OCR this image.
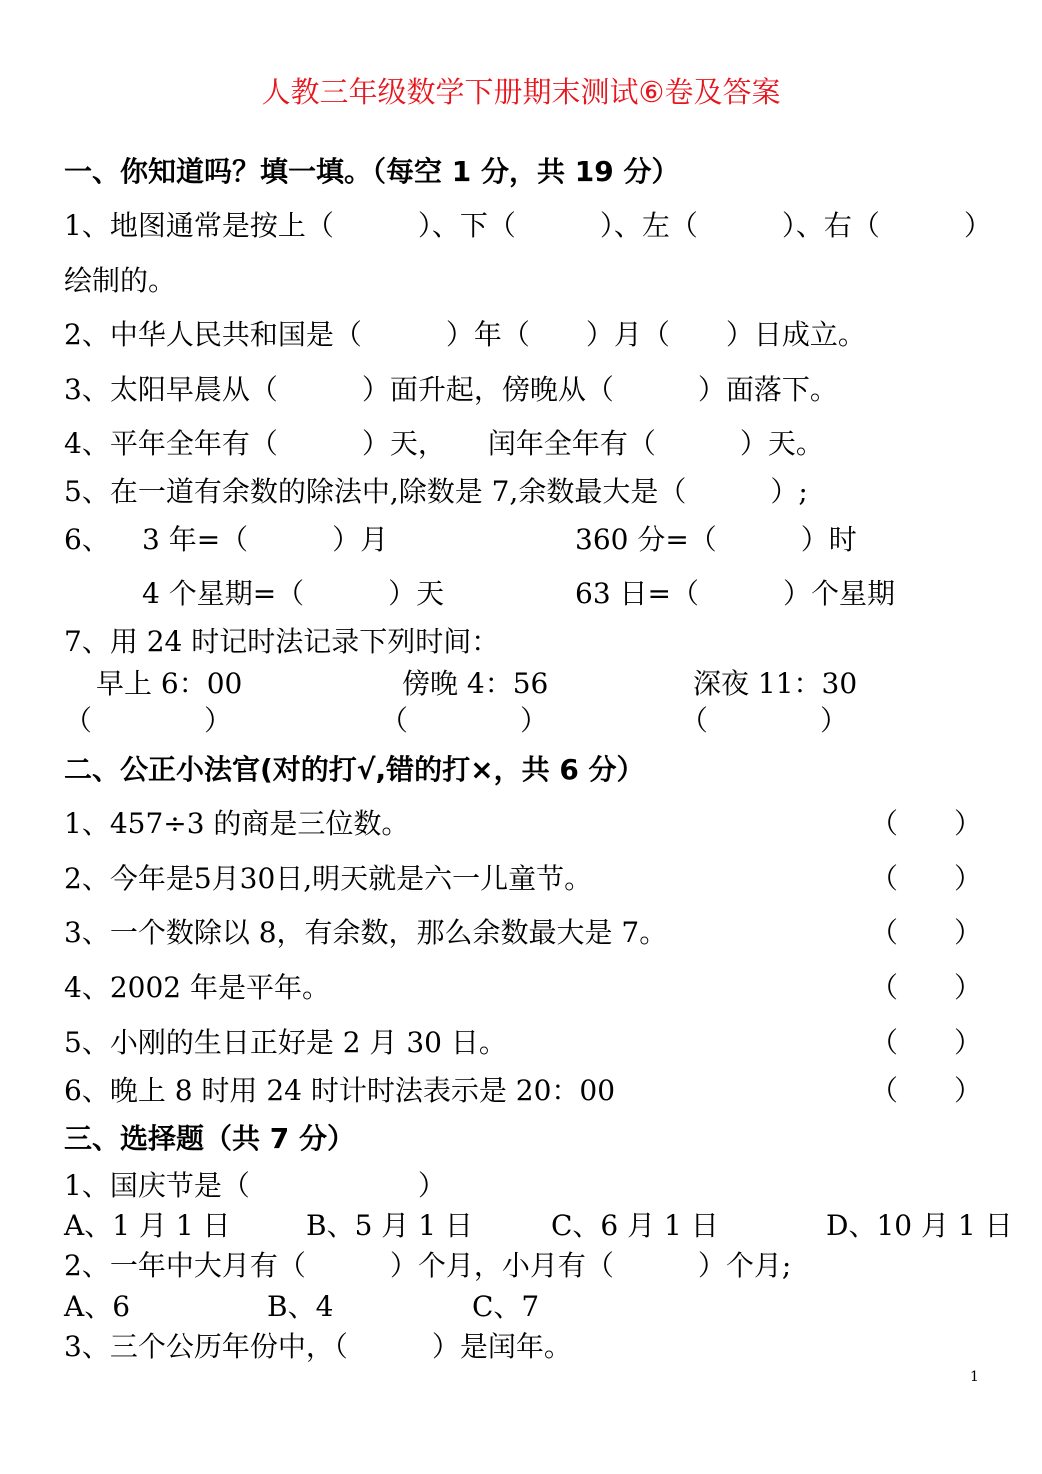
人教三年级数学下册期末测试⑥卷及答案
一、你知道吗？填一填。（每空 1 分，共 19 分）
1、地图通常是按上（　　　）、下（　　　）、左（　　　）、右（　　　）
绘制的。
2、中华人民共和国是（　　　）年（　　）月（　　）日成立。
3、太阳早晨从（　　　）面升起，傍晚从（　　　）面落下。
4、平年全年有（　　　）天，　　闰年全年有（　　　）天。
5、在一道有余数的除法中,除数是 7,余数最大是（　　　）;
6、 3 年=（　　　）月	360 分=（　　　）时
4 个星期=（　　　）天	63 日=（　　　）个星期
7、用 24 时记时法记录下列时间：
早上 6：00	傍晚 4：56	深夜 11：30
（　　　　）	（　　　　）	（　　　　）
二、公正小法官(对的打√,错的打×，共 6 分）
1、457÷3 的商是三位数。	（　　）
2、今年是5月30日,明天就是六一儿童节。	（　　）
3、一个数除以 8，有余数，那么余数最大是 7。	（　　）
4、2002 年是平年。	（　　）
5、小刚的生日正好是 2 月 30 日。	（　　）
6、晚上 8 时用 24 时计时法表示是 20：00	（　　）
三、选择题（共 7 分）
1、国庆节是（　　　　　　）
A、1 月 1 日	B、5 月 1 日	C、6 月 1 日	D、10 月 1 日
2、一年中大月有（　　　）个月，小月有（　　　）个月;
A、6	B、4	C、7
3、三个公历年份中，（　　　）是闰年。
1
